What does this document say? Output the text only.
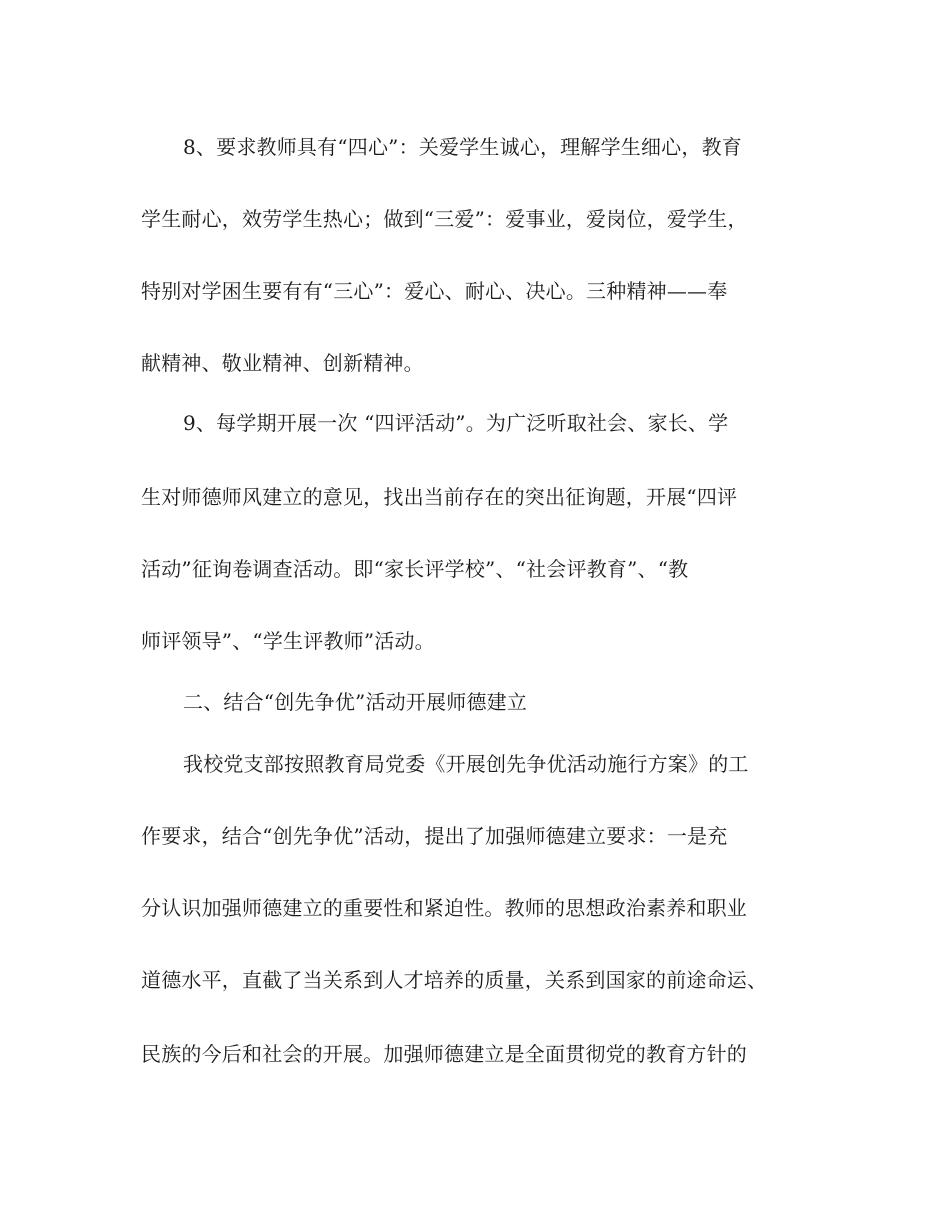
8、要求教师具有“四心”：关爱学生诚心，理解学生细心，教育
学生耐心，效劳学生热心；做到“三爱”：爱事业，爱岗位，爱学生，
特别对学困生要有有“三心”：爱心、耐心、决心。三种精神——奉
献精神、敬业精神、创新精神。
9、每学期开展一次 “四评活动”。为广泛听取社会、家长、学
生对师德师风建立的意见，找出当前存在的突出征询题，开展“四评
活动”征询卷调查活动。即“家长评学校”、“社会评教育”、“教
师评领导”、“学生评教师”活动。
二、结合“创先争优”活动开展师德建立
我校党支部按照教育局党委《开展创先争优活动施行方案》的工
作要求，结合“创先争优”活动，提出了加强师德建立要求：一是充
分认识加强师德建立的重要性和紧迫性。教师的思想政治素养和职业
道德水平，直截了当关系到人才培养的质量，关系到国家的前途命运、
民族的今后和社会的开展。加强师德建立是全面贯彻党的教育方针的
